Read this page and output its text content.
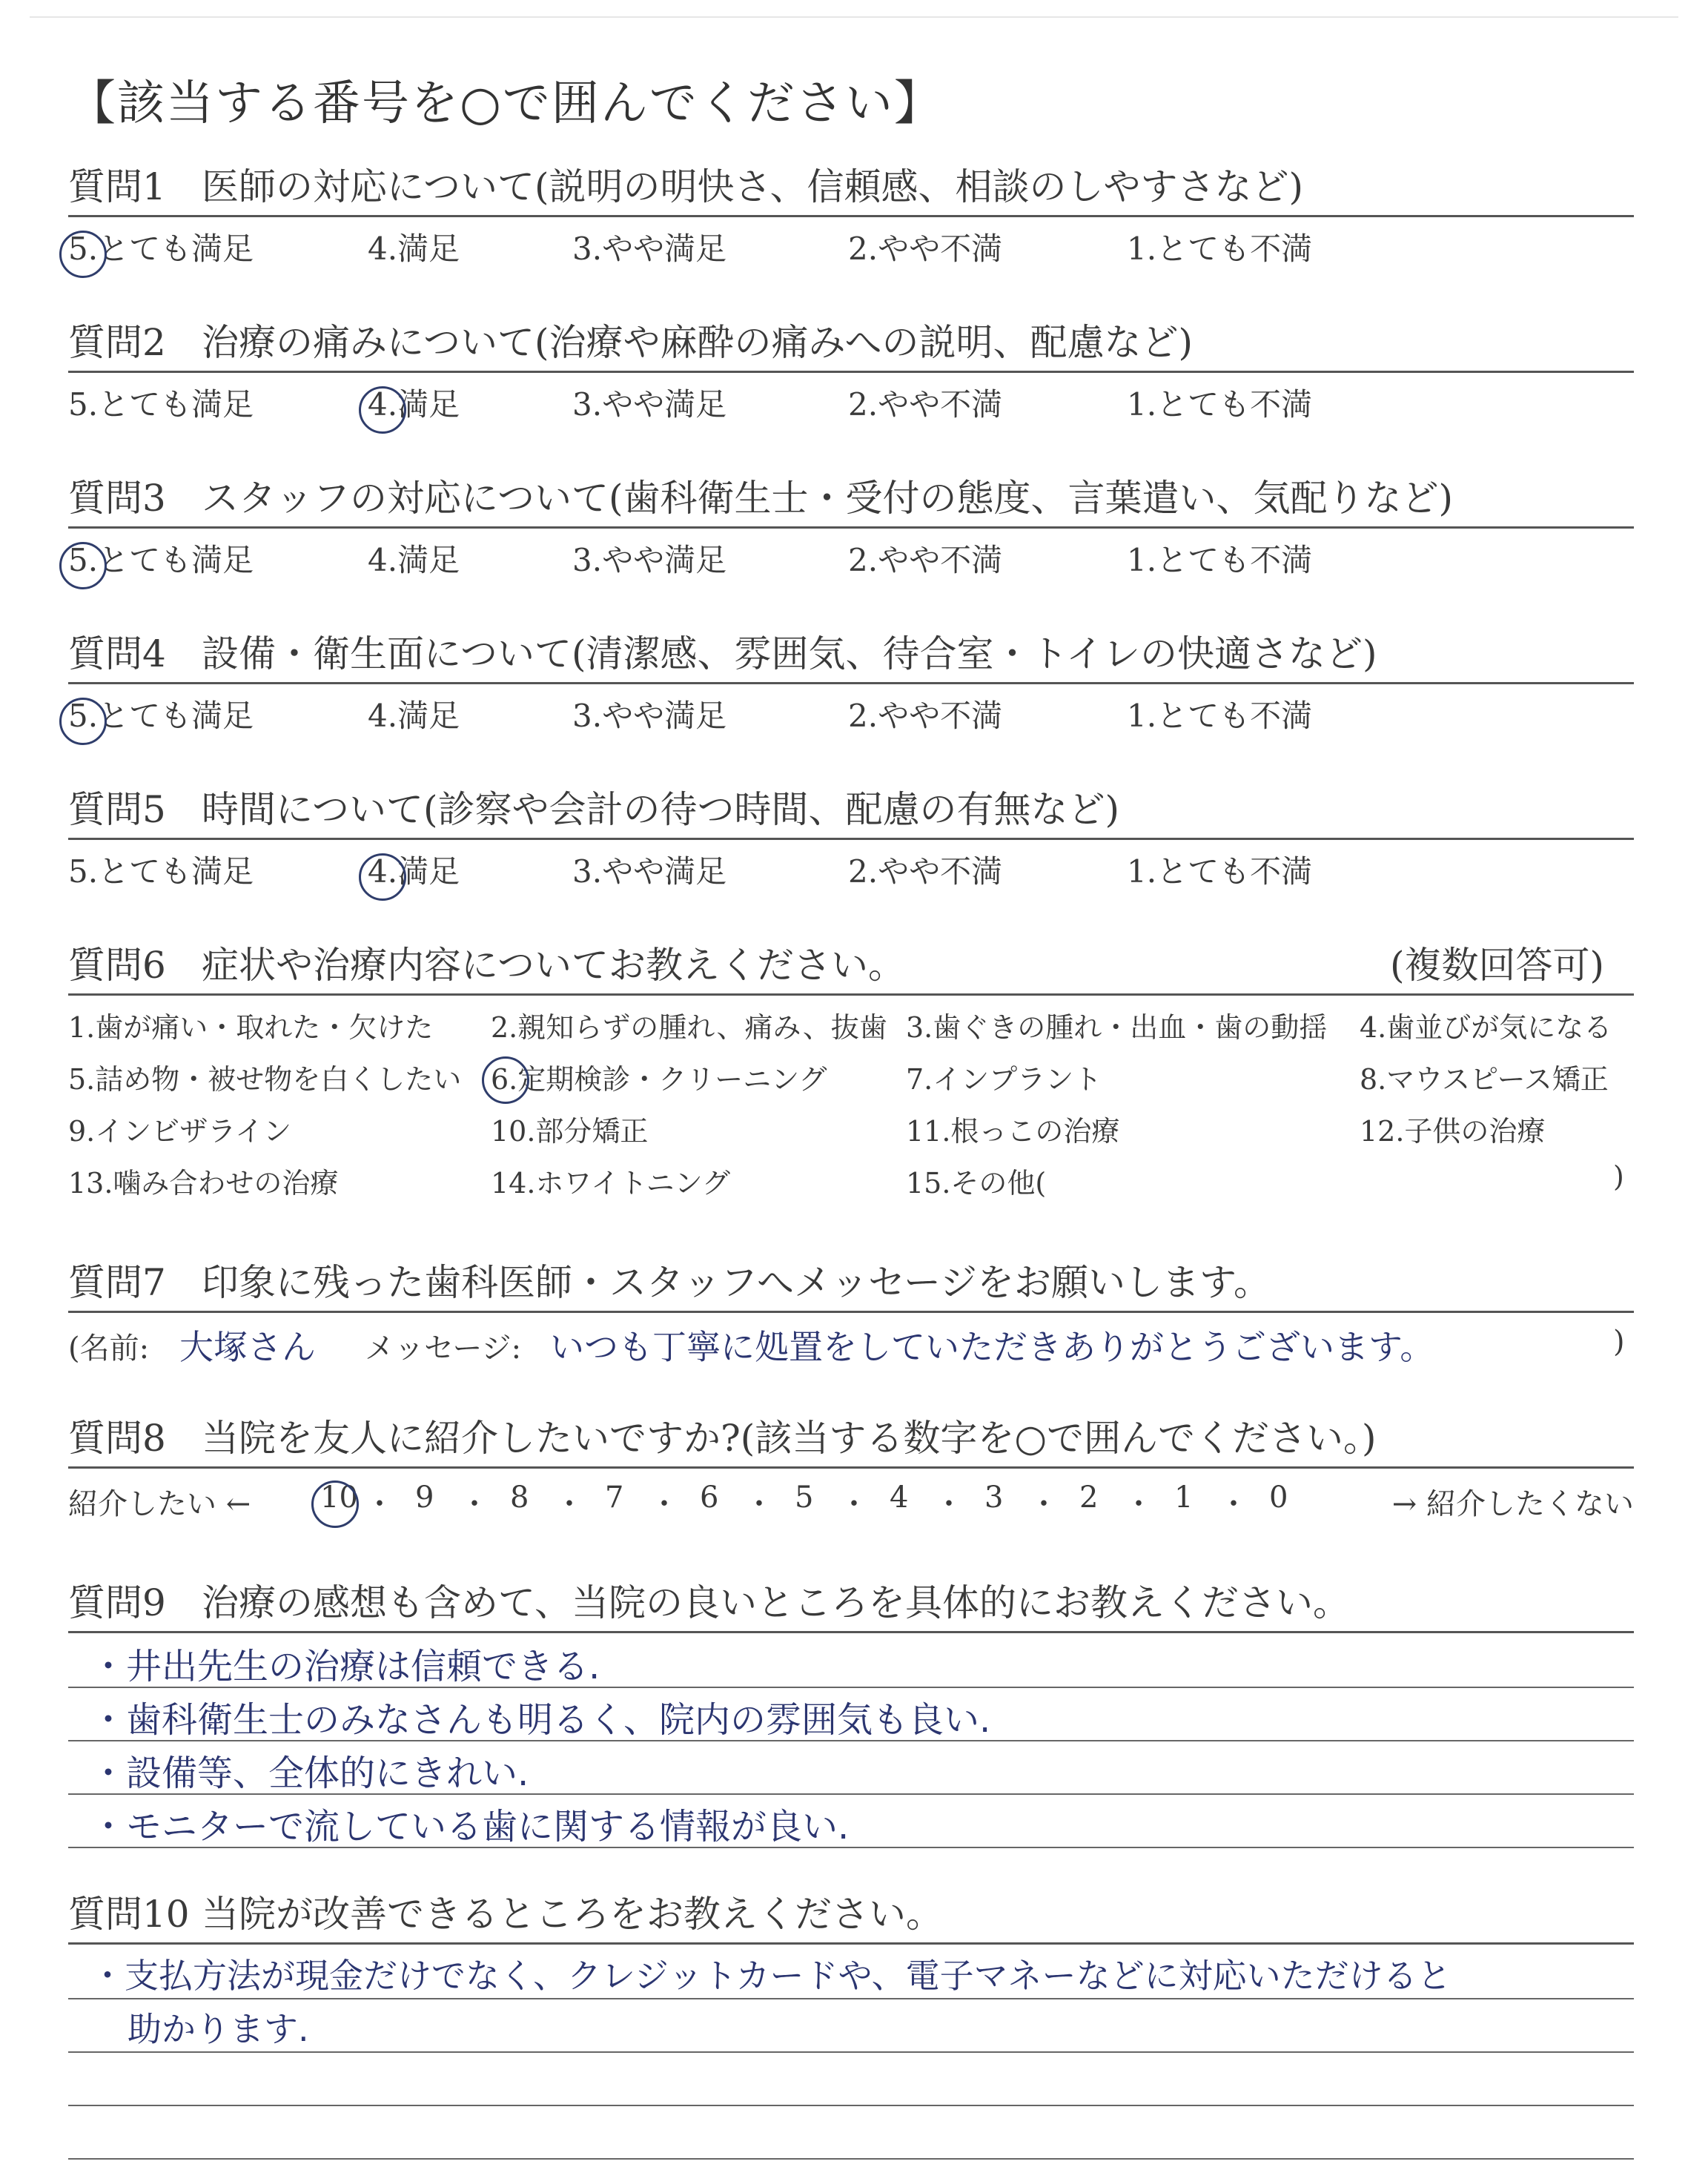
【該当する番号を○で囲んでください】
質問1 医師の対応について(説明の明快さ、信頼感、相談のしやすさなど)
5.とても満足	4.満足	3.やや満足	2.やや不満	1.とても不満
質問2 治療の痛みについて(治療や麻酔の痛みへの説明、配慮など)
5.とても満足	4.満足	3.やや満足	2.やや不満	1.とても不満
質問3 スタッフの対応について(歯科衛生士・受付の態度、言葉遣い、気配りなど)
5.とても満足	4.満足	3.やや満足	2.やや不満	1.とても不満
質問4 設備・衛生面について(清潔感、雰囲気、待合室・トイレの快適さなど)
5.とても満足	4.満足	3.やや満足	2.やや不満	1.とても不満
質問5 時間について(診察や会計の待つ時間、配慮の有無など)
5.とても満足	4.満足	3.やや満足	2.やや不満	1.とても不満
質問6 症状や治療内容についてお教えください。	(複数回答可)
1.歯が痛い・取れた・欠けた 2.親知らずの腫れ、痛み、抜歯 3.歯ぐきの腫れ・出血・歯の動揺 4.歯並びが気になる
5.詰め物・被せ物を白くしたい 6.定期検診・クリーニング	7.インプラント	8.マウスピース矯正
9.インビザライン	10.部分矯正	11.根っこの治療	12.子供の治療
13.噛み合わせの治療	14.ホワイトニング	15.その他(	)
質問7 印象に残った歯科医師・スタッフへメッセージをお願いします。
(名前: 大塚さん メッセージ: いつも丁寧に処置をしていただきありがとうございます。	)
質問8 当院を友人に紹介したいですか?(該当する数字を○で囲んでください。)
紹介したい ← 10 ・ 9 ・ 8 ・ 7 ・ 6 ・ 5 ・ 4 ・ 3 ・ 2 ・ 1 ・ 0	→ 紹介したくない
質問9 治療の感想も含めて、当院の良いところを具体的にお教えください。
・井出先生の治療は信頼できる.
・歯科衛生士のみなさんも明るく、院内の雰囲気も良い.
・設備等、全体的にきれい.
・モニターで流している歯に関する情報が良い.
質問10 当院が改善できるところをお教えください。
・支払方法が現金だけでなく、クレジットカードや、電子マネーなどに対応いただけると
助かります.
